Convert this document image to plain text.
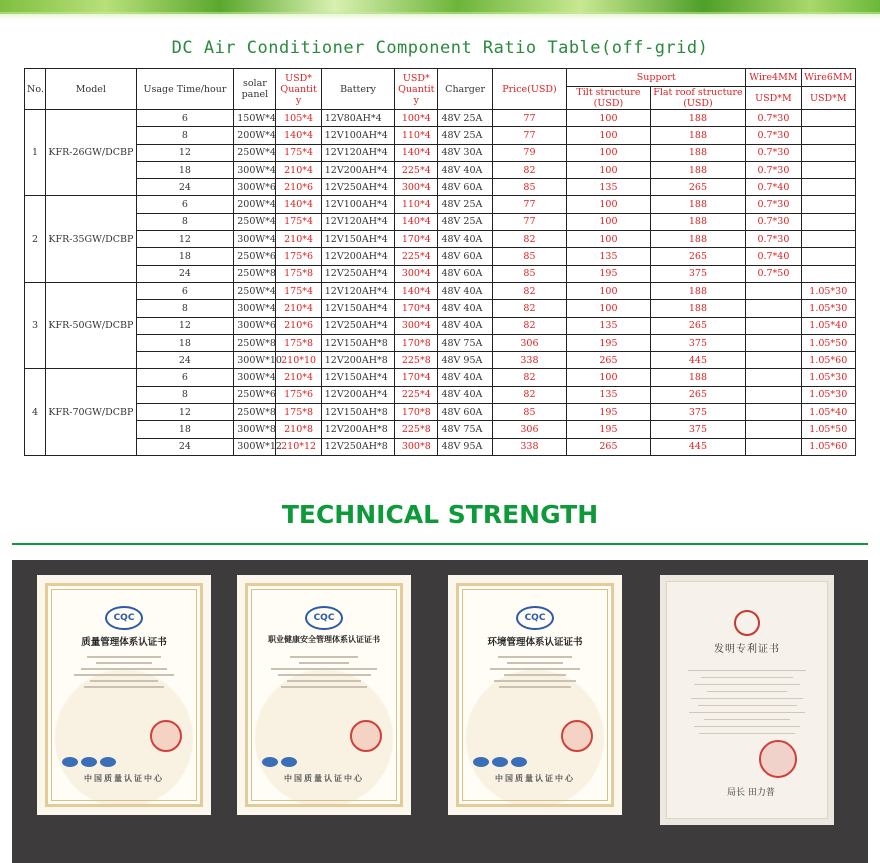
DC Air Conditioner Component Ratio Table(off-grid)
No.	Model	Usage Time/hour	solar panel	USD* Quantit y	Battery	USD* Quantit y	Charger	Price(USD)	Support		Wire4MM	Wire6MM
									Tilt structure (USD)	Flat roof structure (USD)	USD*M	USD*M
1	KFR-26GW/DCBP	6	150W*4	105*4	12V80AH*4	100*4	48V 25A	77	100	188	0.7*30	
		8	200W*4	140*4	12V100AH*4	110*4	48V 25A	77	100	188	0.7*30	
		12	250W*4	175*4	12V120AH*4	140*4	48V 30A	79	100	188	0.7*30	
		18	300W*4	210*4	12V200AH*4	225*4	48V 40A	82	100	188	0.7*30	
		24	300W*6	210*6	12V250AH*4	300*4	48V 60A	85	135	265	0.7*40	
2	KFR-35GW/DCBP	6	200W*4	140*4	12V100AH*4	110*4	48V 25A	77	100	188	0.7*30	
		8	250W*4	175*4	12V120AH*4	140*4	48V 25A	77	100	188	0.7*30	
		12	300W*4	210*4	12V150AH*4	170*4	48V 40A	82	100	188	0.7*30	
		18	250W*6	175*6	12V200AH*4	225*4	48V 60A	85	135	265	0.7*40	
		24	250W*8	175*8	12V250AH*4	300*4	48V 60A	85	195	375	0.7*50	
3	KFR-50GW/DCBP	6	250W*4	175*4	12V120AH*4	140*4	48V 40A	82	100	188		1.05*30
		8	300W*4	210*4	12V150AH*4	170*4	48V 40A	82	100	188		1.05*30
		12	300W*6	210*6	12V250AH*4	300*4	48V 40A	82	135	265		1.05*40
		18	250W*8	175*8	12V150AH*8	170*8	48V 75A	306	195	375		1.05*50
		24	300W*10	210*10	12V200AH*8	225*8	48V 95A	338	265	445		1.05*60
4	KFR-70GW/DCBP	6	300W*4	210*4	12V150AH*4	170*4	48V 40A	82	100	188		1.05*30
		8	250W*6	175*6	12V200AH*4	225*4	48V 40A	82	135	265		1.05*30
		12	250W*8	175*8	12V150AH*8	170*8	48V 60A	85	195	375		1.05*40
		18	300W*8	210*8	12V200AH*8	225*8	48V 75A	306	195	375		1.05*50
		24	300W*12	210*12	12V250AH*8	300*8	48V 95A	338	265	445		1.05*60
TECHNICAL STRENGTH
CQC
质量管理体系认证书
中国质量认证中心
CQC
职业健康安全管理体系认证证书
中国质量认证中心
CQC
环境管理体系认证证书
中国质量认证中心
发明专利证书
局长 田力普
